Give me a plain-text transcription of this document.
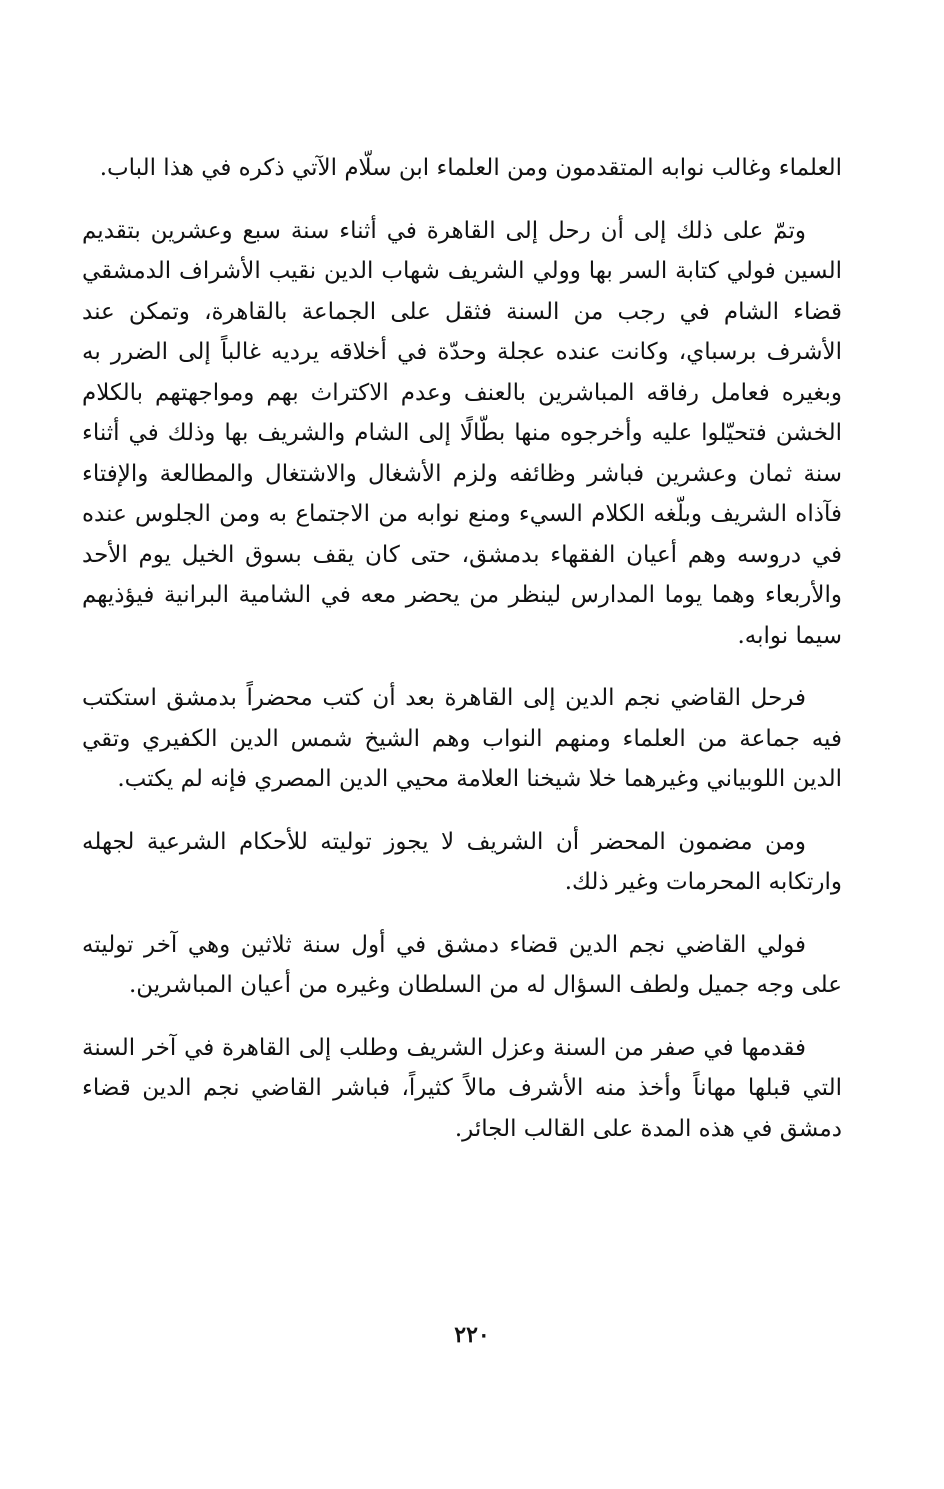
العلماء وغالب نوابه المتقدمون ومن العلماء ابن سلّام الآتي ذكره في هذا الباب.

وتمّ على ذلك إلى أن رحل إلى القاهرة في أثناء سنة سبع وعشرين بتقديم السين فولي كتابة السر بها وولي الشريف شهاب الدين نقيب الأشراف الدمشقي قضاء الشام في رجب من السنة فثقل على الجماعة بالقاهرة، وتمكن عند الأشرف برسباي، وكانت عنده عجلة وحدّة في أخلاقه يرديه غالباً إلى الضرر به وبغيره فعامل رفاقه المباشرين بالعنف وعدم الاكتراث بهم ومواجهتهم بالكلام الخشن فتحيّلوا عليه وأخرجوه منها بطّالًا إلى الشام والشريف بها وذلك في أثناء سنة ثمان وعشرين فباشر وظائفه ولزم الأشغال والاشتغال والمطالعة والإفتاء فآذاه الشريف وبلّغه الكلام السيء ومنع نوابه من الاجتماع به ومن الجلوس عنده في دروسه وهم أعيان الفقهاء بدمشق، حتى كان يقف بسوق الخيل يوم الأحد والأربعاء وهما يوما المدارس لينظر من يحضر معه في الشامية البرانية فيؤذيهم سيما نوابه.

فرحل القاضي نجم الدين إلى القاهرة بعد أن كتب محضراً بدمشق استكتب فيه جماعة من العلماء ومنهم النواب وهم الشيخ شمس الدين الكفيري وتقي الدين اللوبياني وغيرهما خلا شيخنا العلامة محيي الدين المصري فإنه لم يكتب.

ومن مضمون المحضر أن الشريف لا يجوز توليته للأحكام الشرعية لجهله وارتكابه المحرمات وغير ذلك.

فولي القاضي نجم الدين قضاء دمشق في أول سنة ثلاثين وهي آخر توليته على وجه جميل ولطف السؤال له من السلطان وغيره من أعيان المباشرين.

فقدمها في صفر من السنة وعزل الشريف وطلب إلى القاهرة في آخر السنة التي قبلها مهاناً وأخذ منه الأشرف مالاً كثيراً، فباشر القاضي نجم الدين قضاء دمشق في هذه المدة على القالب الجائر.

٢٢٠
